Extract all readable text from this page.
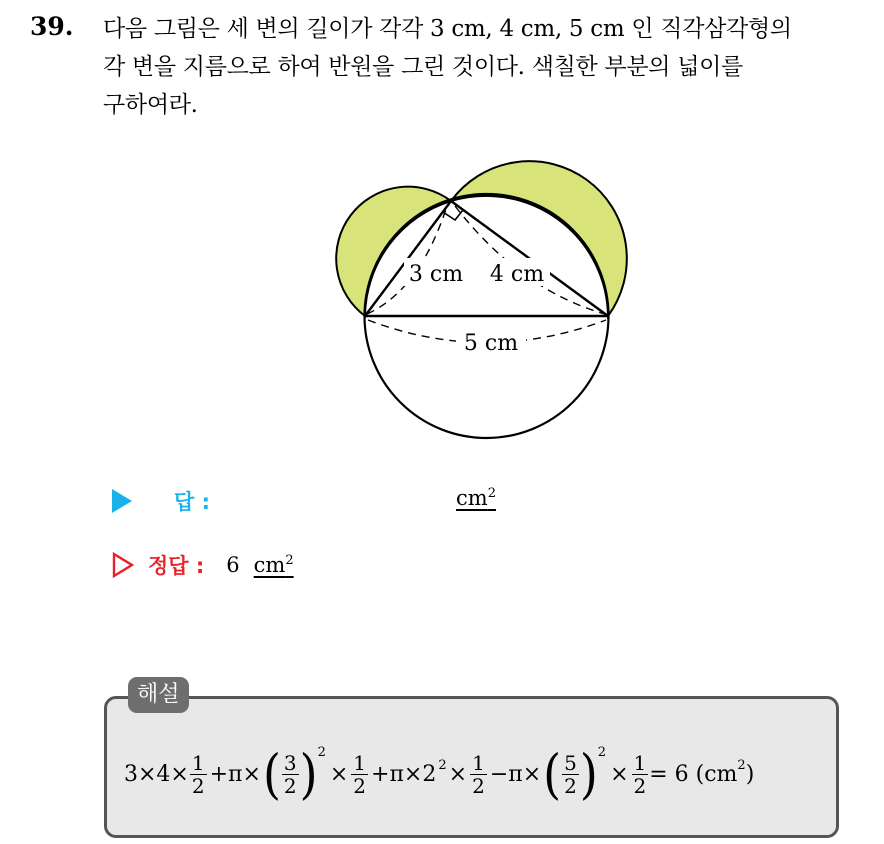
39. 다음 그림은 세 변의 길이가 각각 3 cm, 4 cm, 5 cm 인 직각삼각형의
각 변을 지름으로 하여 반원을 그린 것이다. 색칠한 부분의 넓이를
구하여라.
3 cm 4 cm
5 cm
답 :	$cm^2$
정답 : 6 $cm^2$
해설
$3\times 4\times \frac{1}{2} +\pi\times$ ( $\frac{3}{2}$ ) 2
× $\frac{1}{2} +\pi\times 2$ $2 \times \frac{1}{2} -\pi\times$ ( $\frac{5}{2}$ ) 2
× $\frac{1}{2} = 6$ (cm 2 )
